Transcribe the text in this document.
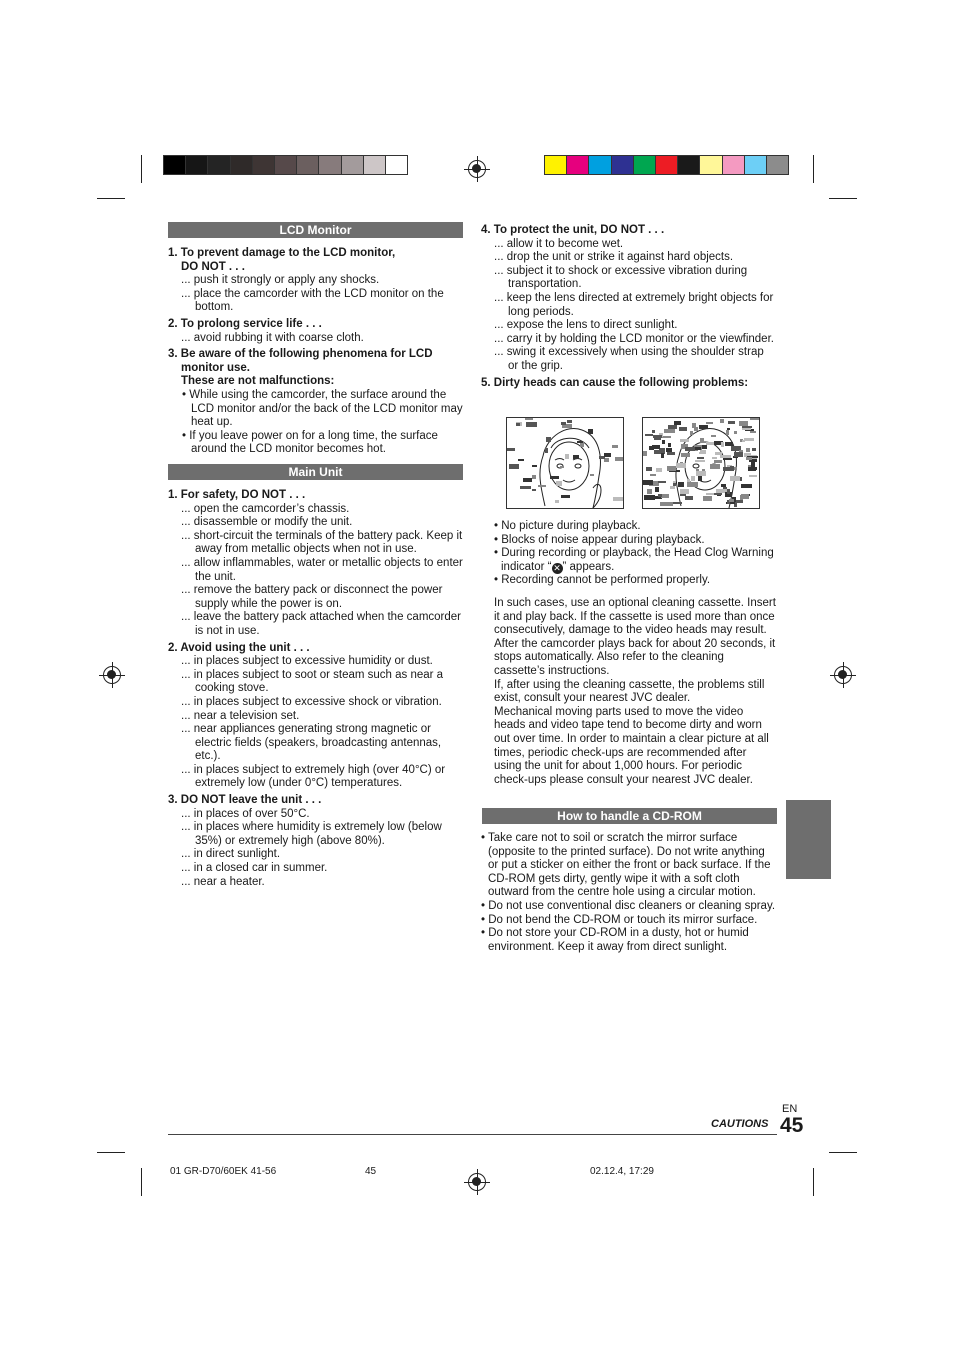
LCD Monitor
1. To prevent damage to the LCD monitor,
DO NOT . . .
... push it strongly or apply any shocks.
... place the camcorder with the LCD monitor on the bottom.
2. To prolong service life . . .
... avoid rubbing it with coarse cloth.
3. Be aware of the following phenomena for LCD monitor use.
These are not malfunctions:
• While using the camcorder, the surface around the LCD monitor and/or the back of the LCD monitor may heat up.
• If you leave power on for a long time, the surface around the LCD monitor becomes hot.
Main Unit
1. For safety, DO NOT . . .
... open the camcorder’s chassis.
... disassemble or modify the unit.
... short-circuit the terminals of the battery pack. Keep it away from metallic objects when not in use.
... allow inflammables, water or metallic objects to enter the unit.
... remove the battery pack or disconnect the power supply while the power is on.
... leave the battery pack attached when the camcorder is not in use.
2. Avoid using the unit . . .
... in places subject to excessive humidity or dust.
... in places subject to soot or steam such as near a cooking stove.
... in places subject to excessive shock or vibration.
... near a television set.
... near appliances generating strong magnetic or electric fields (speakers, broadcasting antennas, etc.).
... in places subject to extremely high (over 40°C) or extremely low (under 0°C) temperatures.
3. DO NOT leave the unit . . .
... in places of over 50°C.
... in places where humidity is extremely low (below 35%) or extremely high (above 80%).
... in direct sunlight.
... in a closed car in summer.
... near a heater.
4. To protect the unit, DO NOT . . .
... allow it to become wet.
... drop the unit or strike it against hard objects.
... subject it to shock or excessive vibration during transportation.
... keep the lens directed at extremely bright objects for long periods.
... expose the lens to direct sunlight.
... carry it by holding the LCD monitor or the viewfinder.
... swing it excessively when using the shoulder strap or the grip.
5. Dirty heads can cause the following problems:
• No picture during playback.
• Blocks of noise appear during playback.
• During recording or playback, the Head Clog Warning indicator “ ✕ ” appears.
• Recording cannot be performed properly.

In such cases, use an optional cleaning cassette. Insert it and play back. If the cassette is used more than once consecutively, damage to the video heads may result. After the camcorder plays back for about 20 seconds, it stops automatically. Also refer to the cleaning cassette’s instructions.

If, after using the cleaning cassette, the problems still exist, consult your nearest JVC dealer.

Mechanical moving parts used to move the video heads and video tape tend to become dirty and worn out over time. In order to maintain a clear picture at all times, periodic check-ups are recommended after using the unit for about 1,000 hours. For periodic check-ups please consult your nearest JVC dealer.

How to handle a CD-ROM
• Take care not to soil or scratch the mirror surface (opposite to the printed surface). Do not write anything or put a sticker on either the front or back surface. If the CD-ROM gets dirty, gently wipe it with a soft cloth outward from the centre hole using a circular motion.
• Do not use conventional disc cleaners or cleaning spray.
• Do not bend the CD-ROM or touch its mirror surface.
• Do not store your CD-ROM in a dusty, hot or humid environment. Keep it away from direct sunlight.
EN
CAUTIONS 45
01 GR-D70/60EK 41-56	45	02.12.4, 17:29
